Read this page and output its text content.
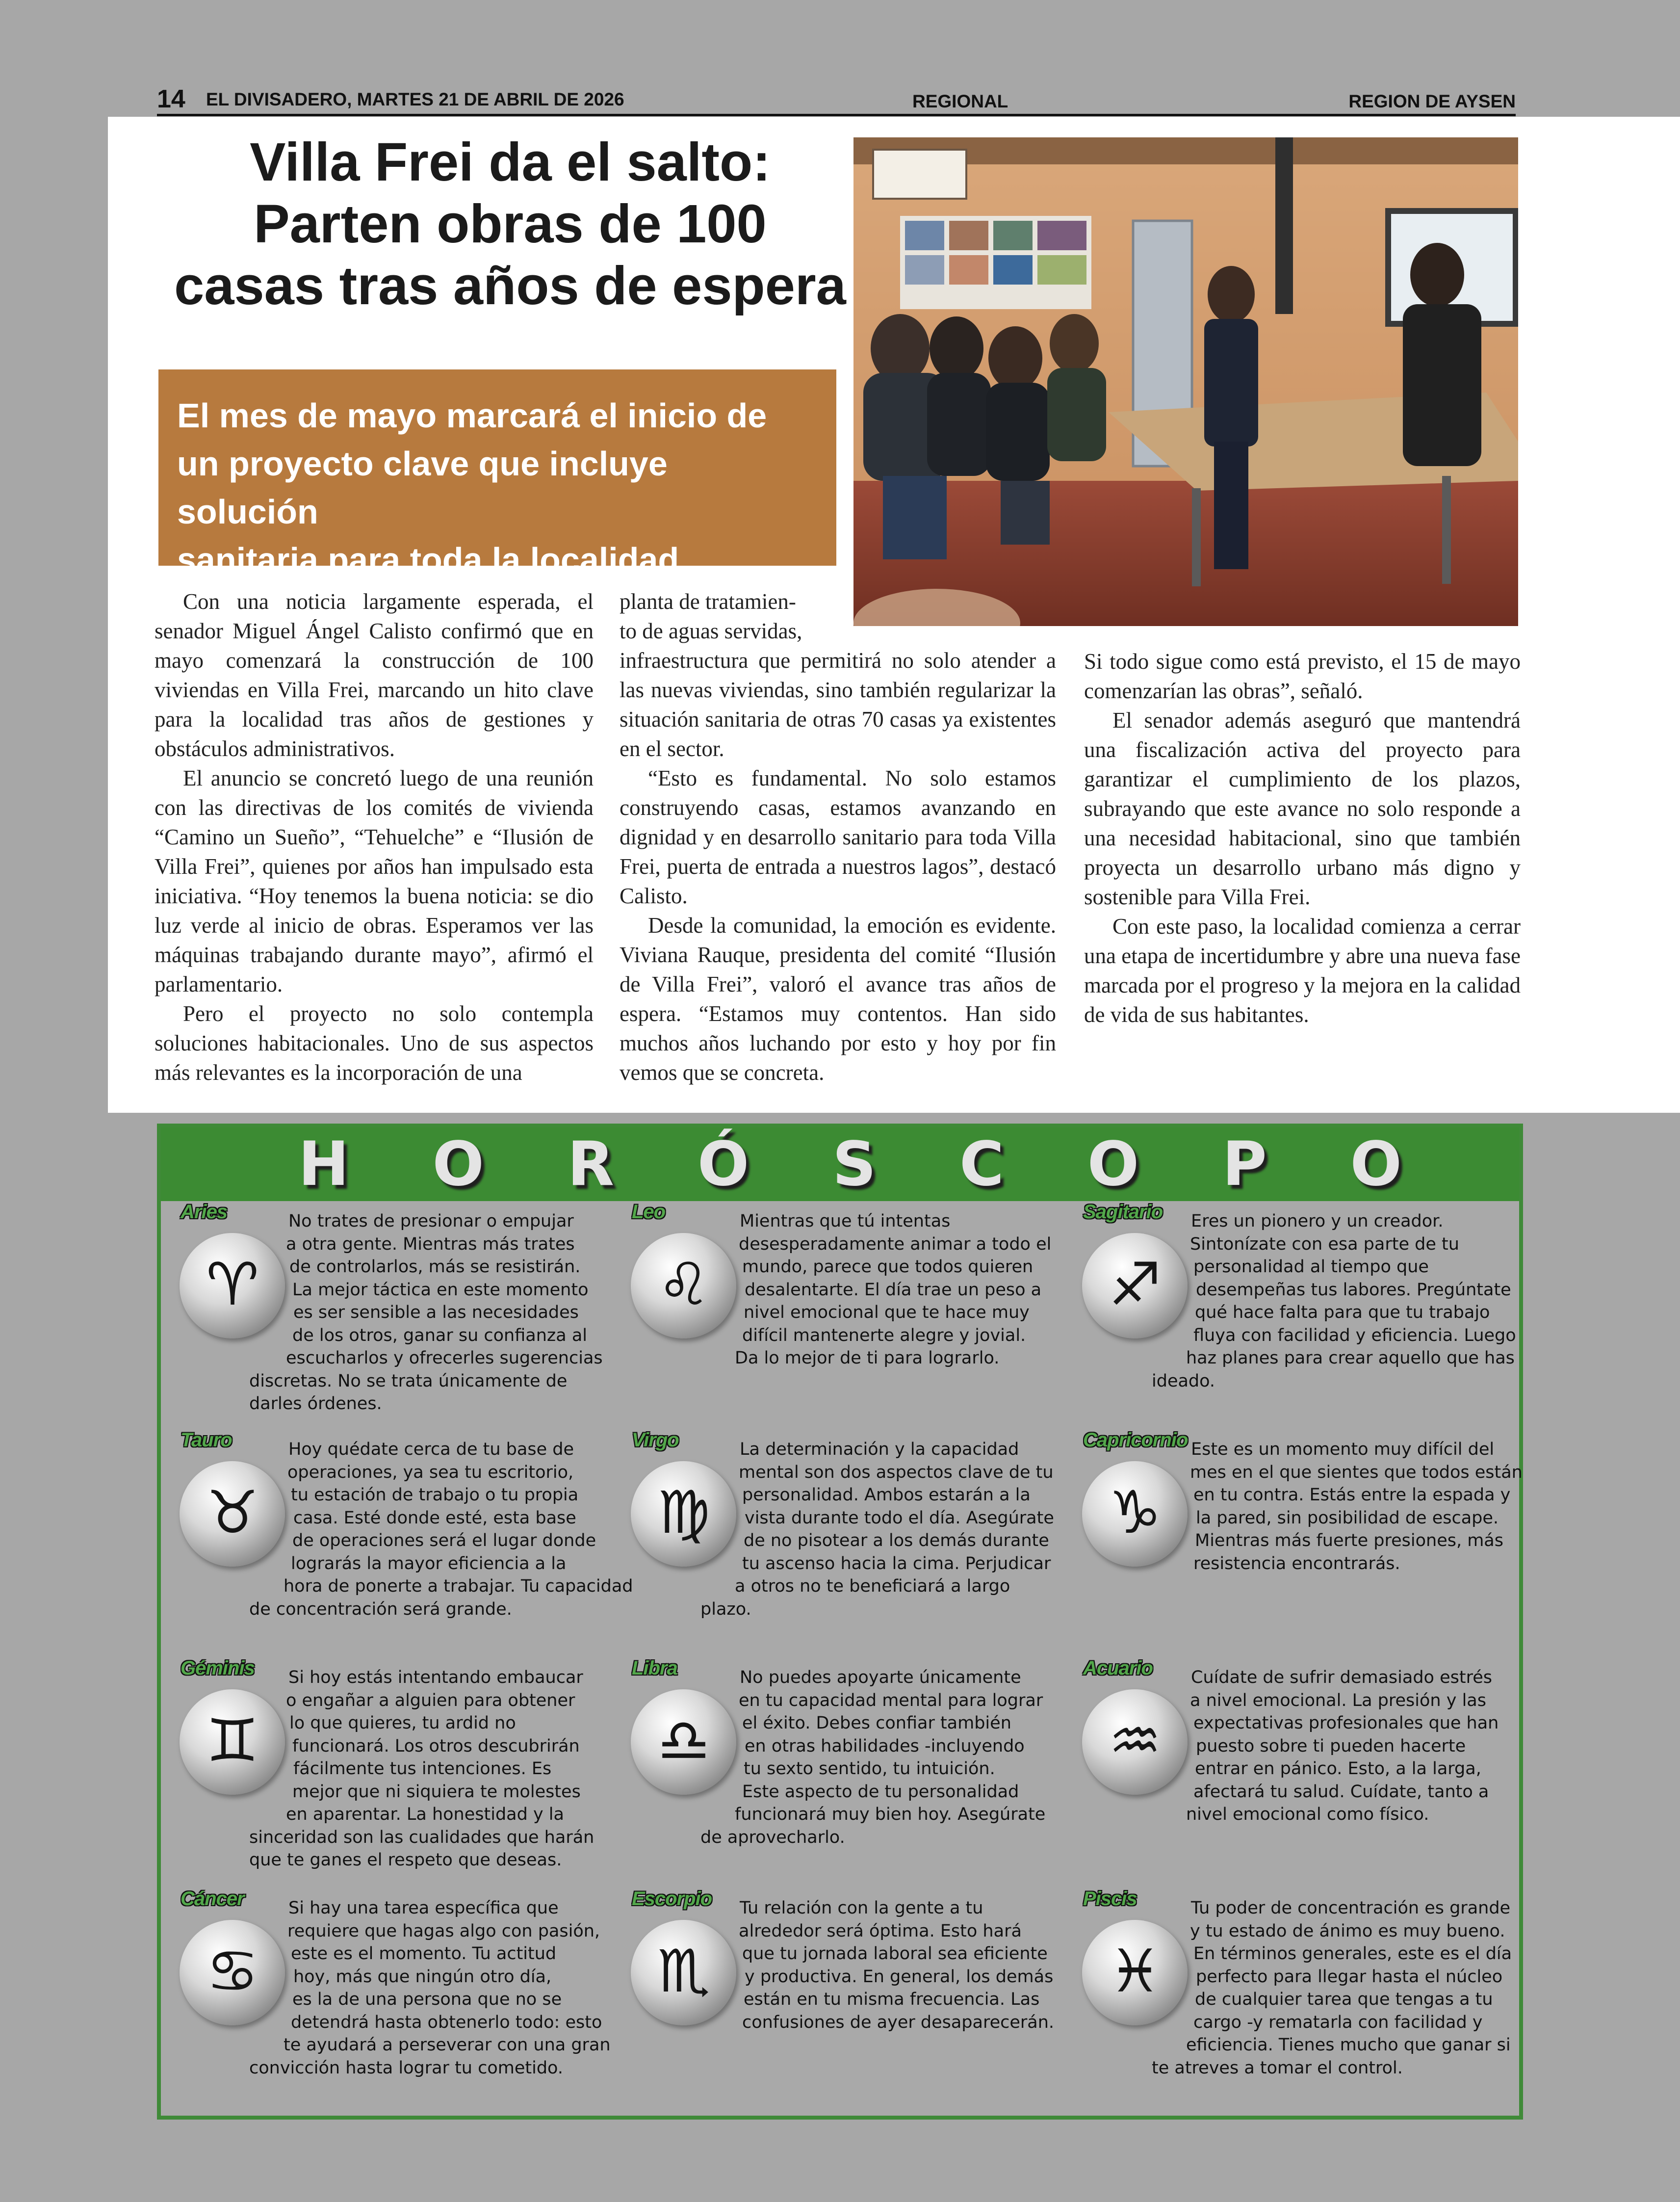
14 EL DIVISADERO, MARTES 21 DE ABRIL DE 2026	REGIONAL	REGION DE AYSEN
Villa Frei da el salto:
Parten obras de 100
casas tras años de espera
El mes de mayo marcará el inicio de
un proyecto clave que incluye solución
sanitaria para toda la localidad.

Con una noticia largamente esperada, el senador Miguel Ángel Calisto confirmó que en mayo comenzará la construcción de 100 viviendas en Villa Frei, marcando un hito clave para la localidad tras años de gestiones y obstáculos administrativos.

El anuncio se concretó luego de una reunión con las directivas de los comités de vivienda “Camino un Sueño”, “Tehuelche” e “Ilusión de Villa Frei”, quienes por años han impulsado esta iniciativa. “Hoy tenemos la buena noticia: se dio luz verde al inicio de obras. Esperamos ver las máquinas trabajando durante mayo”, afirmó el parlamentario.

Pero el proyecto no solo contempla soluciones habitacionales. Uno de sus aspectos más relevantes es la incorporación de una

planta de tratamien-
to de aguas servidas,

infraestructura que permitirá no solo atender a las nuevas viviendas, sino también regularizar la situación sanitaria de otras 70 casas ya existentes en el sector.

“Esto es fundamental. No solo estamos construyendo casas, estamos avanzando en dignidad y en desarrollo sanitario para toda Villa Frei, puerta de entrada a nuestros lagos”, destacó Calisto.

Desde la comunidad, la emoción es evidente. Viviana Rauque, presidenta del comité “Ilusión de Villa Frei”, valoró el avance tras años de espera. “Estamos muy contentos. Han sido muchos años luchando por esto y hoy por fin vemos que se concreta.

Si todo sigue como está previsto, el 15 de mayo comenzarían las obras”, señaló.

El senador además aseguró que mantendrá una fiscalización activa del proyecto para garantizar el cumplimiento de los plazos, subrayando que este avance no solo responde a una necesidad habitacional, sino que también proyecta un desarrollo urbano más digno y sostenible para Villa Frei.

Con este paso, la localidad comienza a cerrar una etapa de incertidumbre y abre una nueva fase marcada por el progreso y la mejora en la calidad de vida de sus habitantes.

H O R Ó S C O P O
Aries
♈
No trates de presionar o empujar
a otra gente. Mientras más trates
de controlarlos, más se resistirán.
La mejor táctica en este momento
es ser sensible a las necesidades
de los otros, ganar su confianza al
escucharlos y ofrecerles sugerencias
discretas. No se trata únicamente de
darles órdenes.
Leo
♌
Mientras que tú intentas
desesperadamente animar a todo el
mundo, parece que todos quieren
desalentarte. El día trae un peso a
nivel emocional que te hace muy
difícil mantenerte alegre y jovial.
Da lo mejor de ti para lograrlo.
Sagitario
♐
Eres un pionero y un creador.
Sintonízate con esa parte de tu
personalidad al tiempo que
desempeñas tus labores. Pregúntate
qué hace falta para que tu trabajo
fluya con facilidad y eficiencia. Luego
haz planes para crear aquello que has
ideado.
Tauro
♉
Hoy quédate cerca de tu base de
operaciones, ya sea tu escritorio,
tu estación de trabajo o tu propia
casa. Esté donde esté, esta base
de operaciones será el lugar donde
lograrás la mayor eficiencia a la
hora de ponerte a trabajar. Tu capacidad
de concentración será grande.
Virgo
♍
La determinación y la capacidad
mental son dos aspectos clave de tu
personalidad. Ambos estarán a la
vista durante todo el día. Asegúrate
de no pisotear a los demás durante
tu ascenso hacia la cima. Perjudicar
a otros no te beneficiará a largo
plazo.
Capricornio
♑
Este es un momento muy difícil del
mes en el que sientes que todos están
en tu contra. Estás entre la espada y
la pared, sin posibilidad de escape.
Mientras más fuerte presiones, más
resistencia encontrarás.
Géminis
♊
Si hoy estás intentando embaucar
o engañar a alguien para obtener
lo que quieres, tu ardid no
funcionará. Los otros descubrirán
fácilmente tus intenciones. Es
mejor que ni siquiera te molestes
en aparentar. La honestidad y la
sinceridad son las cualidades que harán
que te ganes el respeto que deseas.
Libra
♎
No puedes apoyarte únicamente
en tu capacidad mental para lograr
el éxito. Debes confiar también
en otras habilidades -incluyendo
tu sexto sentido, tu intuición.
Este aspecto de tu personalidad
funcionará muy bien hoy. Asegúrate
de aprovecharlo.
Acuario
♒
Cuídate de sufrir demasiado estrés
a nivel emocional. La presión y las
expectativas profesionales que han
puesto sobre ti pueden hacerte
entrar en pánico. Esto, a la larga,
afectará tu salud. Cuídate, tanto a
nivel emocional como físico.
Cáncer
♋
Si hay una tarea específica que
requiere que hagas algo con pasión,
este es el momento. Tu actitud
hoy, más que ningún otro día,
es la de una persona que no se
detendrá hasta obtenerlo todo: esto
te ayudará a perseverar con una gran
convicción hasta lograr tu cometido.
Escorpio
♏
Tu relación con la gente a tu
alrededor será óptima. Esto hará
que tu jornada laboral sea eficiente
y productiva. En general, los demás
están en tu misma frecuencia. Las
confusiones de ayer desaparecerán.
Piscis
♓
Tu poder de concentración es grande
y tu estado de ánimo es muy bueno.
En términos generales, este es el día
perfecto para llegar hasta el núcleo
de cualquier tarea que tengas a tu
cargo -y rematarla con facilidad y
eficiencia. Tienes mucho que ganar si
te atreves a tomar el control.
